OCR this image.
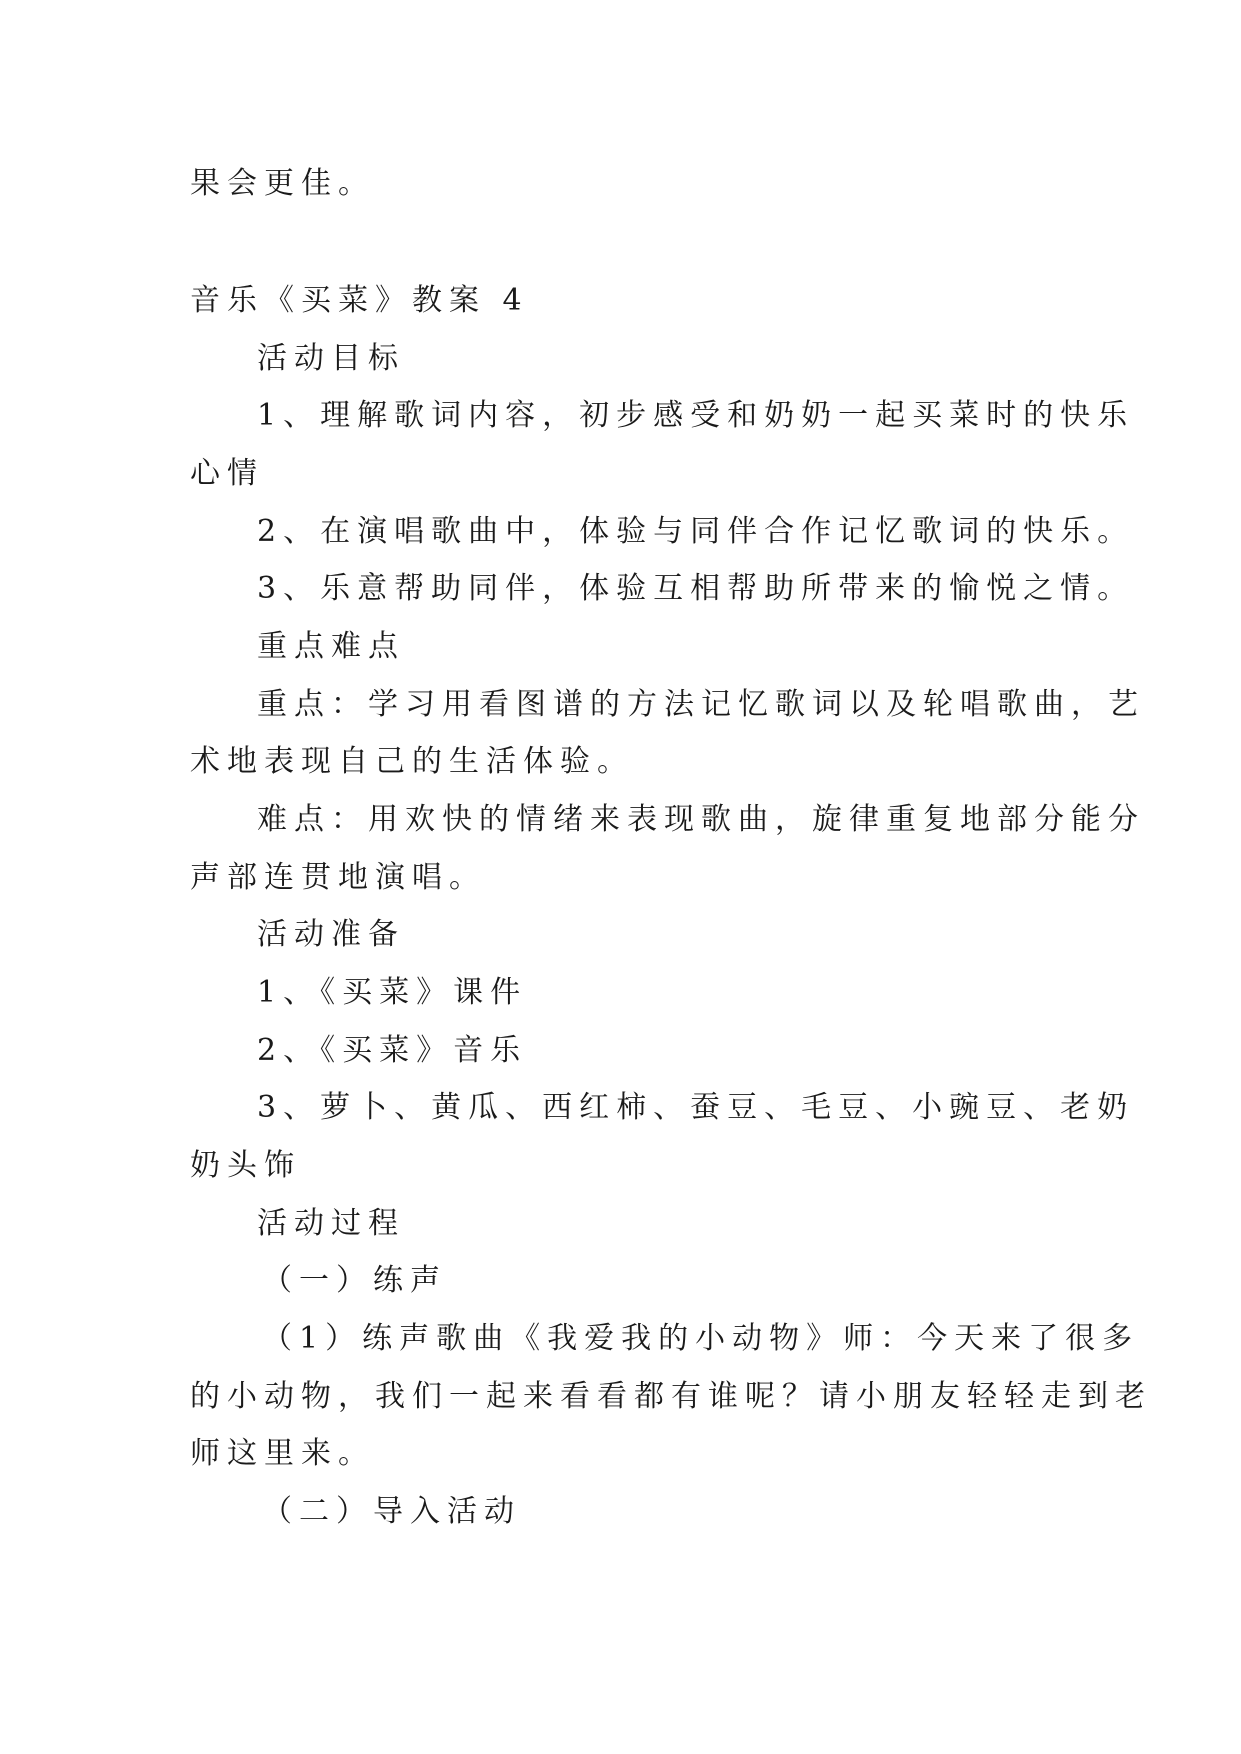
果会更佳。
音乐《买菜》教案 4
活动目标
1、理解歌词内容，初步感受和奶奶一起买菜时的快乐
心情
2、在演唱歌曲中，体验与同伴合作记忆歌词的快乐。
3、乐意帮助同伴，体验互相帮助所带来的愉悦之情。
重点难点
重点：学习用看图谱的方法记忆歌词以及轮唱歌曲，艺
术地表现自己的生活体验。
难点：用欢快的情绪来表现歌曲，旋律重复地部分能分
声部连贯地演唱。
活动准备
1、《买菜》课件
2、《买菜》音乐
3、萝卜、黄瓜、西红柿、蚕豆、毛豆、小豌豆、老奶
奶头饰
活动过程
（一）练声
（1）练声歌曲《我爱我的小动物》师：今天来了很多
的小动物，我们一起来看看都有谁呢？请小朋友轻轻走到老
师这里来。
（二）导入活动
